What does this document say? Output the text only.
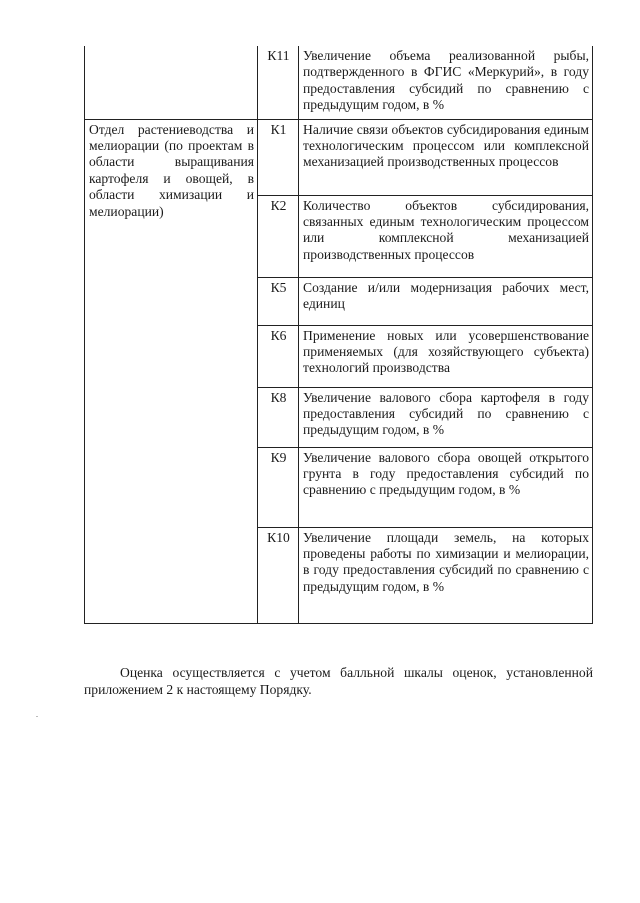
	К11	Увеличение объема реализованной рыбы, подтвержденного в ФГИС «Меркурий», в году предоставления субсидий по сравнению с предыдущим годом, в %
Отдел растениеводства и мелиорации (по проектам в области выращивания картофеля и овощей, в области химизации и мелиорации)	К1	Наличие связи объектов субсидирования единым технологическим процессом или комплексной механизацией производственных процессов
	К2	Количество объектов субсидирования, связанных единым технологическим процессом или комплексной механизацией производственных процессов
	К5	Создание и/или модернизация рабочих мест, единиц
	К6	Применение новых или усовершенствование применяемых (для хозяйствующего субъекта) технологий производства
	К8	Увеличение валового сбора картофеля в году предоставления субсидий по сравнению с предыдущим годом, в %
	К9	Увеличение валового сбора овощей открытого грунта в году предоставления субсидий по сравнению с предыдущим годом, в %
	К10	Увеличение площади земель, на которых проведены работы по химизации и мелиорации, в году предоставления субсидий по сравнению с предыдущим годом, в %

Оценка осуществляется с учетом балльной шкалы оценок, установленной приложением 2 к настоящему Порядку.
